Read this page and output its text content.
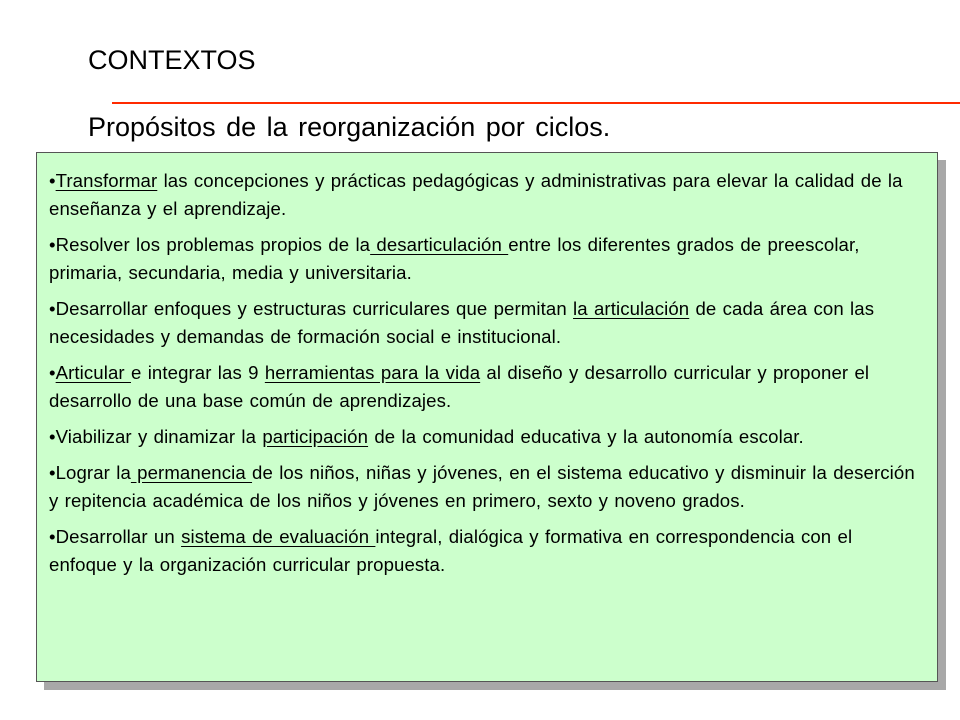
CONTEXTOS
Propósitos de la reorganización por ciclos.

•Transformar las concepciones y prácticas pedagógicas y administrativas para elevar la calidad de la enseñanza y el aprendizaje.

•Resolver los problemas propios de la desarticulación entre los diferentes grados de preescolar, primaria, secundaria, media y universitaria.

•Desarrollar enfoques y estructuras curriculares que permitan la articulación de cada área con las necesidades y demandas de formación social e institucional.

•Articular e integrar las 9 herramientas para la vida al diseño y desarrollo curricular y proponer el desarrollo de una base común de aprendizajes.

•Viabilizar y dinamizar la participación de la comunidad educativa y la autonomía escolar.

•Lograr la permanencia de los niños, niñas y jóvenes, en el sistema educativo y disminuir la deserción y repitencia académica de los niños y jóvenes en primero, sexto y noveno grados.

•Desarrollar un sistema de evaluación integral, dialógica y formativa en correspondencia con el enfoque y la organización curricular propuesta.
